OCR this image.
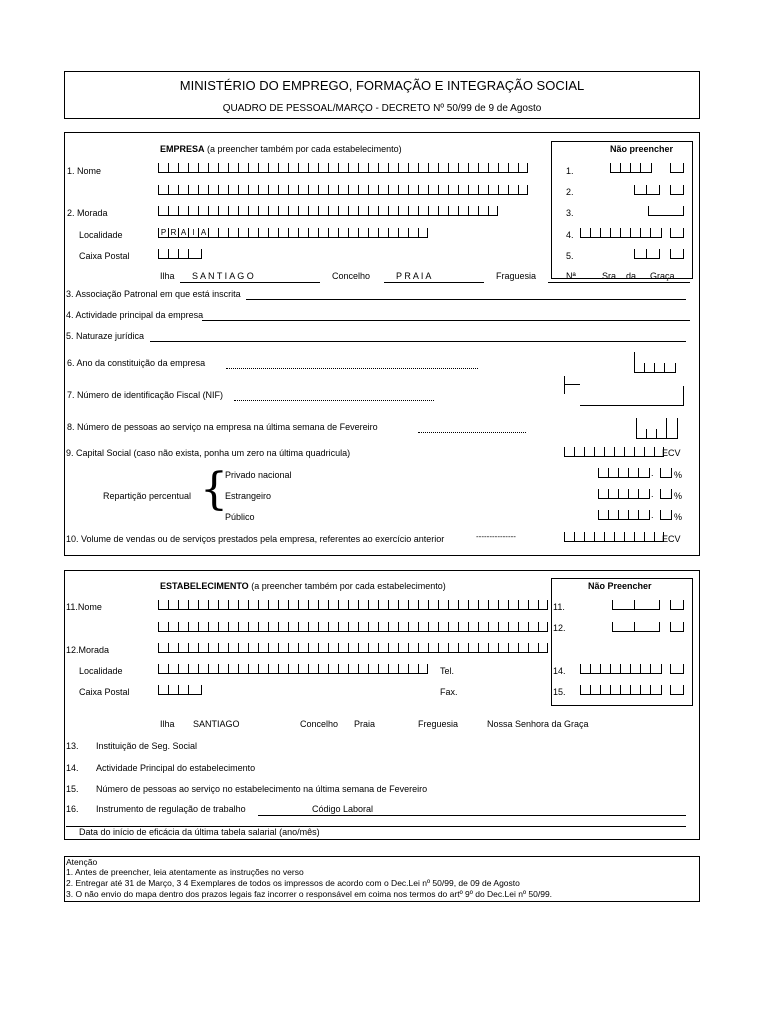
MINISTÉRIO DO EMPREGO, FORMAÇÃO E INTEGRAÇÃO SOCIAL
QUADRO DE PESSOAL/MARÇO - DECRETO Nº 50/99 de 9 de Agosto
EMPRESA (a preencher também por cada estabelecimento)	Não preencher
1. Nome
2. Morada
Localidade	P R A I A
Caixa Postal
Ilha S A N T I A G O	Concelho	P R A I A	Fraguesia
1.
2.
3.
4.
5.
Nª	Sra da Graça
3. Associação Patronal em que está inscrita
4. Actividade principal da empresa
5. Naturaze jurídica
6. Ano da constituição da empresa
7. Número de identificação Fiscal (NIF)
8. Número de pessoas ao serviço na empresa na última semana de Fevereiro
9. Capital Social (caso não exista, ponha um zero na última quadricula)	ECV
{
Repartição percentual
Privado nacional
Estrangeiro
Público
. %
. %
. %
10. Volume de vendas ou de serviços prestados pela empresa, referentes ao exercício anterior	---------------	ECV
ESTABELECIMENTO (a preencher também por cada estabelecimento)	Não Preencher
11.Nome
12.Morada
Localidade	Tel.
Caixa Postal	Fax.
11.
12.
14.
15.
Ilha SANTIAGO	Concelho Praia	Freguesia	Nossa Senhora da Graça
13. Instituição de Seg. Social
14. Actividade Principal do estabelecimento
15. Número de pessoas ao serviço no estabelecimento na última semana de Fevereiro
16. Instrumento de regulação de trabalho	Código Laboral
Data do início de eficácia da última tabela salarial (ano/mês)
Atenção
1. Antes de preencher, leia atentamente as instruções no verso
2. Entregar até 31 de Março, 3 4 Exemplares de todos os impressos de acordo com o Dec.Lei nº 50/99, de 09 de Agosto
3. O não envio do mapa dentro dos prazos legais faz incorrer o responsável em coima nos termos do artº 9º do Dec.Lei nº 50/99.
